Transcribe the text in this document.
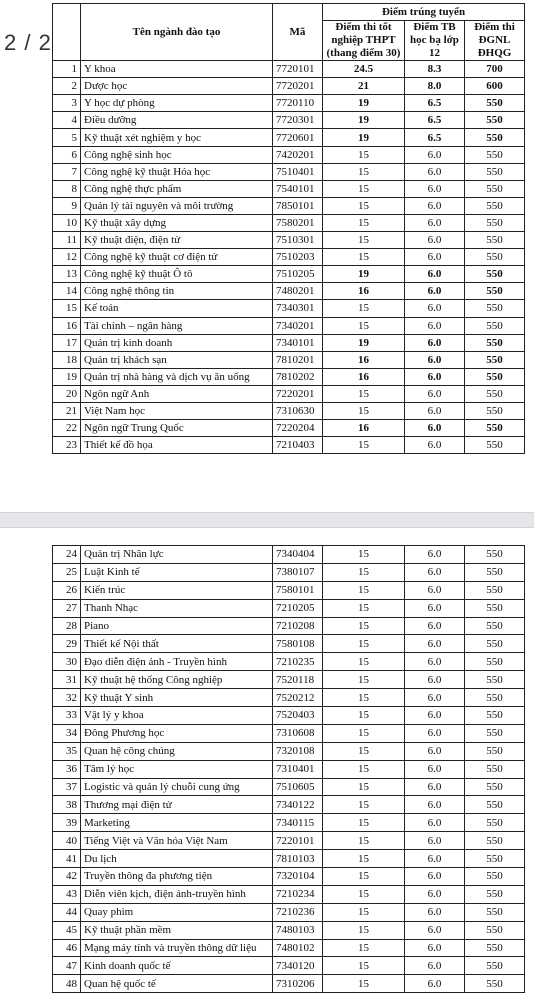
2 / 2
		Tên ngành đào tạo	Mã	Điểm trúng tuyển		
			Điểm thi tốt nghiệp THPT (thang điểm 30)	Điểm TB học bạ lớp 12	Điểm thi ĐGNL ĐHQG
1	Y khoa	7720101	24.5	8.3	700
2	Dược học	7720201	21	8.0	600
3	Y học dự phòng	7720110	19	6.5	550
4	Điều dưỡng	7720301	19	6.5	550
5	Kỹ thuật xét nghiệm y học	7720601	19	6.5	550
6	Công nghệ sinh học	7420201	15	6.0	550
7	Công nghệ kỹ thuật Hóa học	7510401	15	6.0	550
8	Công nghệ thực phẩm	7540101	15	6.0	550
9	Quản lý tài nguyên và môi trường	7850101	15	6.0	550
10	Kỹ thuật xây dựng	7580201	15	6.0	550
11	Kỹ thuật điện, điện tử	7510301	15	6.0	550
12	Công nghệ kỹ thuật cơ điện tử	7510203	15	6.0	550
13	Công nghệ kỹ thuật Ô tô	7510205	19	6.0	550
14	Công nghệ thông tin	7480201	16	6.0	550
15	Kế toán	7340301	15	6.0	550
16	Tài chính – ngân hàng	7340201	15	6.0	550
17	Quản trị kinh doanh	7340101	19	6.0	550
18	Quản trị khách sạn	7810201	16	6.0	550
19	Quản trị nhà hàng và dịch vụ ăn uống	7810202	16	6.0	550
20	Ngôn ngữ Anh	7220201	15	6.0	550
21	Việt Nam học	7310630	15	6.0	550
22	Ngôn ngữ Trung Quốc	7220204	16	6.0	550
23	Thiết kế đồ họa	7210403	15	6.0	550
24	Quản trị Nhân lực	7340404	15	6.0	550
25	Luật Kinh tế	7380107	15	6.0	550
26	Kiến trúc	7580101	15	6.0	550
27	Thanh Nhạc	7210205	15	6.0	550
28	Piano	7210208	15	6.0	550
29	Thiết kế Nội thất	7580108	15	6.0	550
30	Đạo diễn điện ảnh - Truyền hình	7210235	15	6.0	550
31	Kỹ thuật hệ thống Công nghiệp	7520118	15	6.0	550
32	Kỹ thuật Y sinh	7520212	15	6.0	550
33	Vật lý y khoa	7520403	15	6.0	550
34	Đông Phương học	7310608	15	6.0	550
35	Quan hệ công chúng	7320108	15	6.0	550
36	Tâm lý học	7310401	15	6.0	550
37	Logistic và quản lý chuỗi cung ứng	7510605	15	6.0	550
38	Thương mại điện tử	7340122	15	6.0	550
39	Marketing	7340115	15	6.0	550
40	Tiếng Việt và Văn hóa Việt Nam	7220101	15	6.0	550
41	Du lịch	7810103	15	6.0	550
42	Truyền thông đa phương tiện	7320104	15	6.0	550
43	Diễn viên kịch, điện ảnh-truyền hình	7210234	15	6.0	550
44	Quay phim	7210236	15	6.0	550
45	Kỹ thuật phần mềm	7480103	15	6.0	550
46	Mạng máy tính và truyền thông dữ liệu	7480102	15	6.0	550
47	Kinh doanh quốc tế	7340120	15	6.0	550
48	Quan hệ quốc tế	7310206	15	6.0	550
